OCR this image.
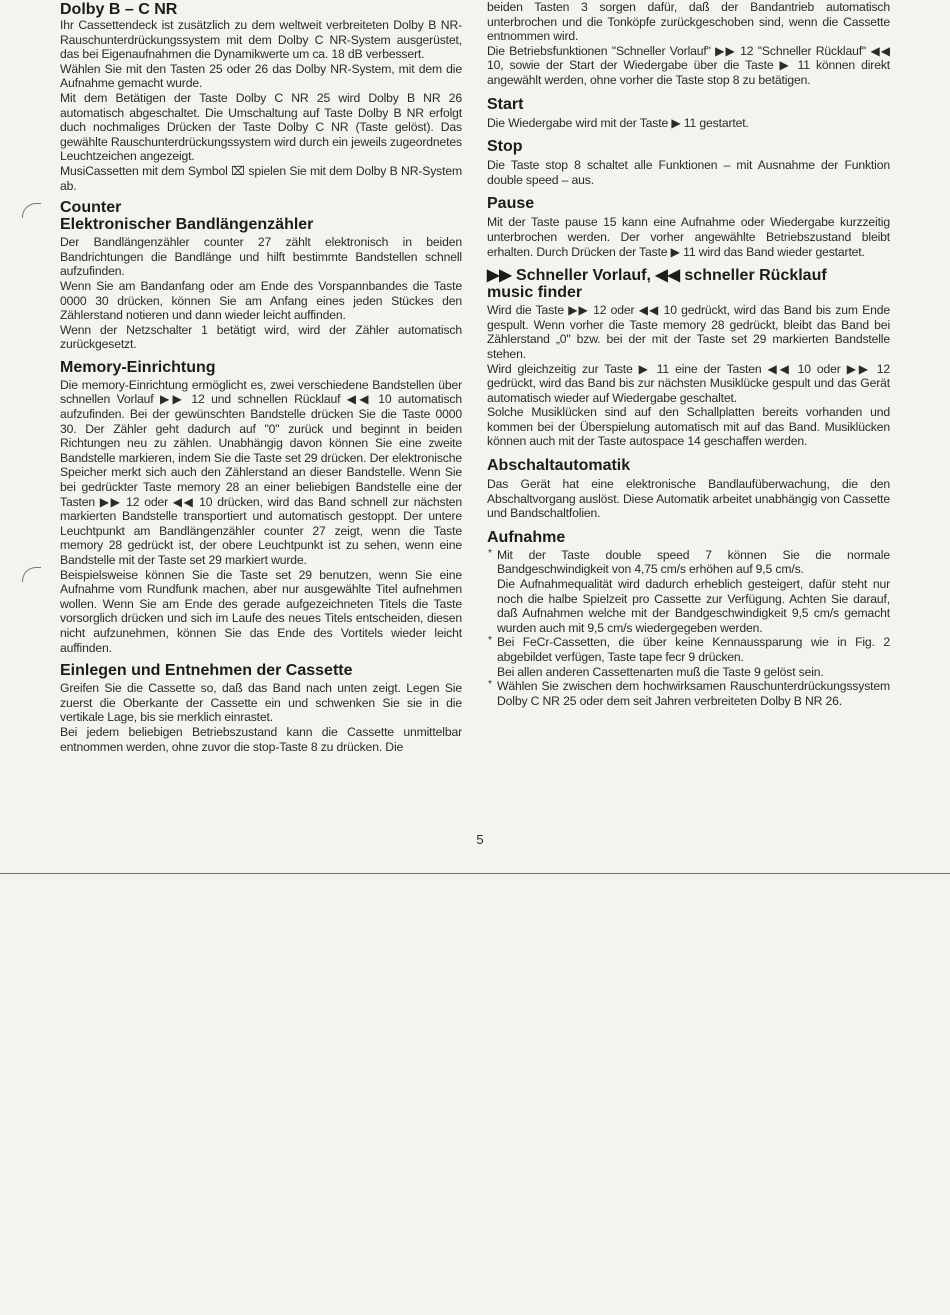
Dolby B – C NR

Ihr Cassettendeck ist zusätzlich zu dem weltweit verbreiteten Dolby B NR-Rauschunterdrückungssystem mit dem Dolby C NR-System ausgerüstet, das bei Eigenaufnahmen die Dynamikwerte um ca. 18 dB verbessert.

Wählen Sie mit den Tasten 25 oder 26 das Dolby NR-System, mit dem die Aufnahme gemacht wurde.

Mit dem Betätigen der Taste Dolby C NR 25 wird Dolby B NR 26 automatisch abgeschaltet. Die Umschaltung auf Taste Dolby B NR erfolgt duch nochmaliges Drücken der Taste Dolby C NR (Taste gelöst). Das gewählte Rauschunterdrückungssystem wird durch ein jeweils zugeordnetes Leuchtzeichen angezeigt.

MusiCassetten mit dem Symbol ⌧ spielen Sie mit dem Dolby B NR-System ab.

Counter
Elektronischer Bandlängenzähler

Der Bandlängenzähler counter 27 zählt elektronisch in beiden Bandrichtungen die Bandlänge und hilft bestimmte Bandstellen schnell aufzufinden.

Wenn Sie am Bandanfang oder am Ende des Vorspannbandes die Taste 0000 30 drücken, können Sie am Anfang eines jeden Stückes den Zählerstand notieren und dann wieder leicht auffinden.

Wenn der Netzschalter 1 betätigt wird, wird der Zähler automatisch zurückgesetzt.

Memory-Einrichtung

Die memory-Einrichtung ermöglicht es, zwei verschiedene Bandstellen über schnellen Vorlauf ▶▶ 12 und schnellen Rücklauf ◀◀ 10 automatisch aufzufinden. Bei der gewünschten Bandstelle drücken Sie die Taste 0000 30. Der Zähler geht dadurch auf "0" zurück und beginnt in beiden Richtungen neu zu zählen. Unabhängig davon können Sie eine zweite Bandstelle markieren, indem Sie die Taste set 29 drücken. Der elektronische Speicher merkt sich auch den Zählerstand an dieser Bandstelle. Wenn Sie bei gedrückter Taste memory 28 an einer beliebigen Bandstelle eine der Tasten ▶▶ 12 oder ◀◀ 10 drücken, wird das Band schnell zur nächsten markierten Bandstelle transportiert und automatisch gestoppt. Der untere Leuchtpunkt am Bandlängenzähler counter 27 zeigt, wenn die Taste memory 28 gedrückt ist, der obere Leuchtpunkt ist zu sehen, wenn eine Bandstelle mit der Taste set 29 markiert wurde.

Beispielsweise können Sie die Taste set 29 benutzen, wenn Sie eine Aufnahme vom Rundfunk machen, aber nur ausgewählte Titel aufnehmen wollen. Wenn Sie am Ende des gerade aufgezeichneten Titels die Taste vorsorglich drücken und sich im Laufe des neues Titels entscheiden, diesen nicht aufzunehmen, können Sie das Ende des Vortitels wieder leicht auffinden.

Einlegen und Entnehmen der Cassette

Greifen Sie die Cassette so, daß das Band nach unten zeigt. Legen Sie zuerst die Oberkante der Cassette ein und schwenken Sie sie in die vertikale Lage, bis sie merklich einrastet.

Bei jedem beliebigen Betriebszustand kann die Cassette unmittelbar entnommen werden, ohne zuvor die stop-Taste 8 zu drücken. Die

beiden Tasten 3 sorgen dafür, daß der Bandantrieb automatisch unterbrochen und die Tonköpfe zurückgeschoben sind, wenn die Cassette entnommen wird.

Die Betriebsfunktionen "Schneller Vorlauf" ▶▶ 12 "Schneller Rücklauf" ◀◀ 10, sowie der Start der Wiedergabe über die Taste ▶ 11 können direkt angewählt werden, ohne vorher die Taste stop 8 zu betätigen.

Start

Die Wiedergabe wird mit der Taste ▶ 11 gestartet.

Stop

Die Taste stop 8 schaltet alle Funktionen – mit Ausnahme der Funktion double speed – aus.

Pause

Mit der Taste pause 15 kann eine Aufnahme oder Wiedergabe kurzzeitig unterbrochen werden. Der vorher angewählte Betriebszustand bleibt erhalten. Durch Drücken der Taste ▶ 11 wird das Band wieder gestartet.

▶▶ Schneller Vorlauf, ◀◀ schneller Rücklauf
music finder

Wird die Taste ▶▶ 12 oder ◀◀ 10 gedrückt, wird das Band bis zum Ende gespult. Wenn vorher die Taste memory 28 gedrückt, bleibt das Band bei Zählerstand „0" bzw. bei der mit der Taste set 29 markierten Bandstelle stehen.

Wird gleichzeitig zur Taste ▶ 11 eine der Tasten ◀◀ 10 oder ▶▶ 12 gedrückt, wird das Band bis zur nächsten Musiklücke gespult und das Gerät automatisch wieder auf Wiedergabe geschaltet.

Solche Musiklücken sind auf den Schallplatten bereits vorhanden und kommen bei der Überspielung automatisch mit auf das Band. Musiklücken können auch mit der Taste autospace 14 geschaffen werden.

Abschaltautomatik

Das Gerät hat eine elektronische Bandlaufüberwachung, die den Abschaltvorgang auslöst. Diese Automatik arbeitet unabhängig von Cassette und Bandschaltfolien.

Aufnahme
* Mit der Taste double speed 7 können Sie die normale Bandgeschwindigkeit von 4,75 cm/s erhöhen auf 9,5 cm/s.

Die Aufnahmequalität wird dadurch erheblich gesteigert, dafür steht nur noch die halbe Spielzeit pro Cassette zur Verfügung. Achten Sie darauf, daß Aufnahmen welche mit der Bandgeschwindigkeit 9,5 cm/s gemacht wurden auch mit 9,5 cm/s wiedergegeben werden.

* Bei FeCr-Cassetten, die über keine Kennaussparung wie in Fig. 2 abgebildet verfügen, Taste tape fecr 9 drücken.

Bei allen anderen Cassettenarten muß die Taste 9 gelöst sein.

* Wählen Sie zwischen dem hochwirksamen Rauschunterdrückungssystem Dolby C NR 25 oder dem seit Jahren verbreiteten Dolby B NR 26.

5
